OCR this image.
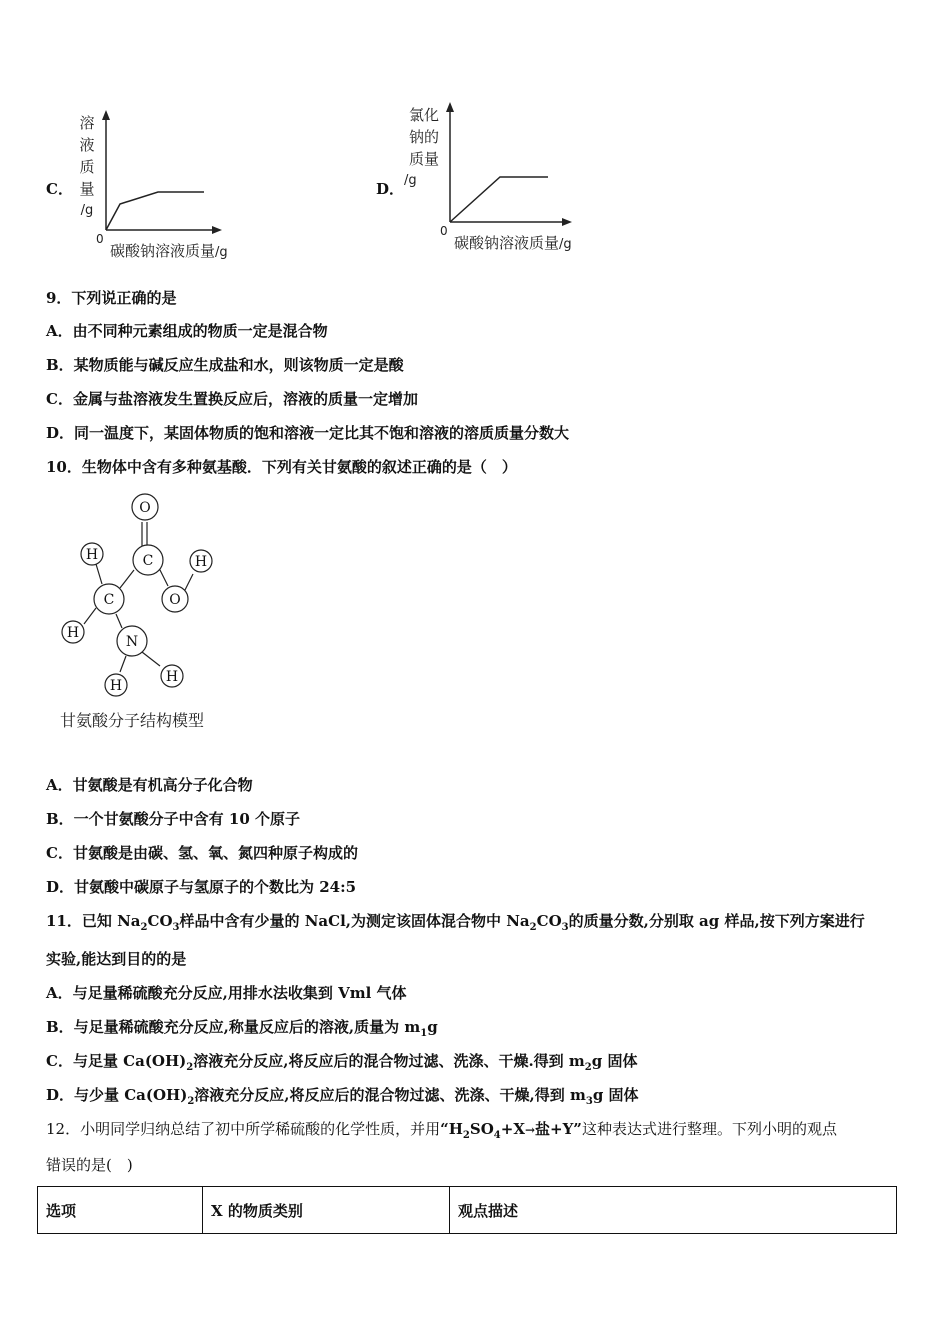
C．
溶
液
质
量
/g
0
碳酸钠溶液质量/g
D．
氯化
钠的
质量
/g
0
碳酸钠溶液质量/g
9．下列说正确的是
A．由不同种元素组成的物质一定是混合物
B．某物质能与碱反应生成盐和水，则该物质一定是酸
C．金属与盐溶液发生置换反应后，溶液的质量一定增加
D．同一温度下，某固体物质的饱和溶液一定比其不饱和溶液的溶质质量分数大
10．生物体中含有多种氨基酸．下列有关甘氨酸的叙述正确的是（　）
O
C
H	H
C	O
H
N
H
H
甘氨酸分子结构模型
A．甘氨酸是有机高分子化合物
B．一个甘氨酸分子中含有 10 个原子
C．甘氨酸是由碳、氢、氧、氮四种原子构成的
D．甘氨酸中碳原子与氢原子的个数比为 24:5
11．已知 $Na_2CO_3$样品中含有少量的 NaCl,为测定该固体混合物中 $Na_2CO_3$的质量分数,分别取 ag 样品,按下列方案进行
实验,能达到目的的是
A．与足量稀硫酸充分反应,用排水法收集到 Vml 气体
B．与足量稀硫酸充分反应,称量反应后的溶液,质量为 $m_1g$
C．与足量 $Ca(OH)_2$溶液充分反应,将反应后的混合物过滤、洗涤、干燥.得到 $m_2g$ 固体
D．与少量 $Ca(OH)_2$溶液充分反应,将反应后的混合物过滤、洗涤、干燥,得到 $m_3g$ 固体
12．小明同学归纳总结了初中所学稀硫酸的化学性质，并用“$H_2SO_4+X\to$盐+Y”这种表达式进行整理。下列小明的观点
错误的是(　)
选项	X 的物质类别	观点描述
